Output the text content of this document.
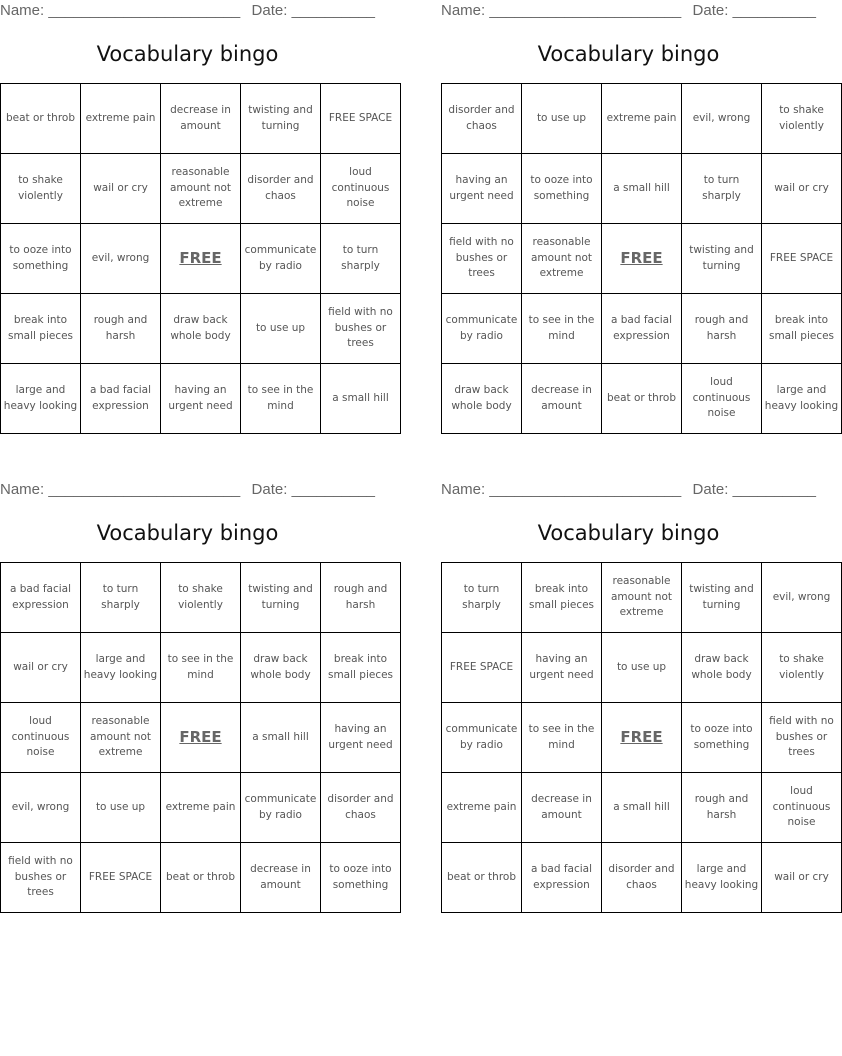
Name: _______________________ Date: __________
Vocabulary bingo
beat or throb	extreme pain	decrease in amount	twisting and turning	FREE SPACE
to shake violently	wail or cry	reasonable amount not extreme	disorder and chaos	loud continuous noise
to ooze into something	evil, wrong	FREE	communicate by radio	to turn sharply
break into small pieces	rough and harsh	draw back whole body	to use up	field with no bushes or trees
large and heavy looking	a bad facial expression	having an urgent need	to see in the mind	a small hill
Name: _______________________ Date: __________
Vocabulary bingo
disorder and chaos	to use up	extreme pain	evil, wrong	to shake violently
having an urgent need	to ooze into something	a small hill	to turn sharply	wail or cry
field with no bushes or trees	reasonable amount not extreme	FREE	twisting and turning	FREE SPACE
communicate by radio	to see in the mind	a bad facial expression	rough and harsh	break into small pieces
draw back whole body	decrease in amount	beat or throb	loud continuous noise	large and heavy looking
Name: _______________________ Date: __________
Vocabulary bingo
a bad facial expression	to turn sharply	to shake violently	twisting and turning	rough and harsh
wail or cry	large and heavy looking	to see in the mind	draw back whole body	break into small pieces
loud continuous noise	reasonable amount not extreme	FREE	a small hill	having an urgent need
evil, wrong	to use up	extreme pain	communicate by radio	disorder and chaos
field with no bushes or trees	FREE SPACE	beat or throb	decrease in amount	to ooze into something
Name: _______________________ Date: __________
Vocabulary bingo
to turn sharply	break into small pieces	reasonable amount not extreme	twisting and turning	evil, wrong
FREE SPACE	having an urgent need	to use up	draw back whole body	to shake violently
communicate by radio	to see in the mind	FREE	to ooze into something	field with no bushes or trees
extreme pain	decrease in amount	a small hill	rough and harsh	loud continuous noise
beat or throb	a bad facial expression	disorder and chaos	large and heavy looking	wail or cry
